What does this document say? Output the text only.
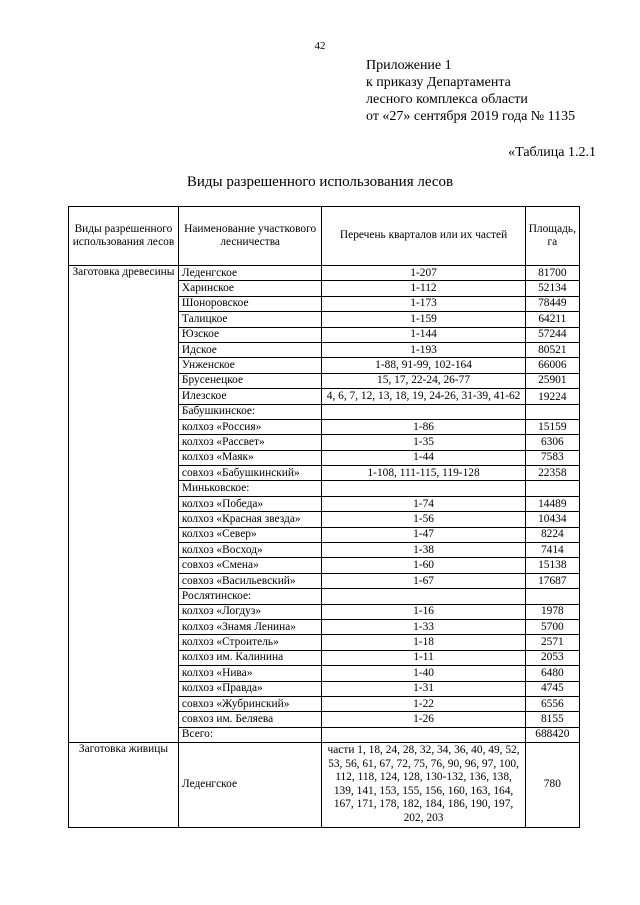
42
Приложение 1
к приказу Департамента
лесного комплекса области
от «27» сентября 2019 года № 1135
«Таблица 1.2.1
Виды разрешенного использования лесов
Виды разрешенного использования лесов	Наименование участкового лесничества	Перечень кварталов или их частей	Площадь, га
Заготовка древесины	Леденгское	1-207	81700
	Харинское	1-112	52134
	Шоноровское	1-173	78449
	Талицкое	1-159	64211
	Юзское	1-144	57244
	Идское	1-193	80521
	Унженское	1-88, 91-99, 102-164	66006
	Брусенецкое	15, 17, 22-24, 26-77	25901
	Илезское	4, 6, 7, 12, 13, 18, 19, 24-26, 31-39, 41-62	19224
	Бабушкинское:		
	колхоз «Россия»	1-86	15159
	колхоз «Рассвет»	1-35	6306
	колхоз «Маяк»	1-44	7583
	совхоз «Бабушкинский»	1-108, 111-115, 119-128	22358
	Миньковское:		
	колхоз «Победа»	1-74	14489
	колхоз «Красная звезда»	1-56	10434
	колхоз «Север»	1-47	8224
	колхоз «Восход»	1-38	7414
	совхоз «Смена»	1-60	15138
	совхоз «Васильевский»	1-67	17687
	Рослятинское:		
	колхоз «Логдуз»	1-16	1978
	колхоз «Знамя Ленина»	1-33	5700
	колхоз «Строитель»	1-18	2571
	колхоз им. Калинина	1-11	2053
	колхоз «Нива»	1-40	6480
	колхоз «Правда»	1-31	4745
	совхоз «Жубринский»	1-22	6556
	совхоз им. Беляева	1-26	8155
	Всего:		688420
Заготовка живицы	Леденгское	части 1, 18, 24, 28, 32, 34, 36, 40, 49, 52, 53, 56, 61, 67, 72, 75, 76, 90, 96, 97, 100, 112, 118, 124, 128, 130-132, 136, 138, 139, 141, 153, 155, 156, 160, 163, 164, 167, 171, 178, 182, 184, 186, 190, 197, 202, 203	780
